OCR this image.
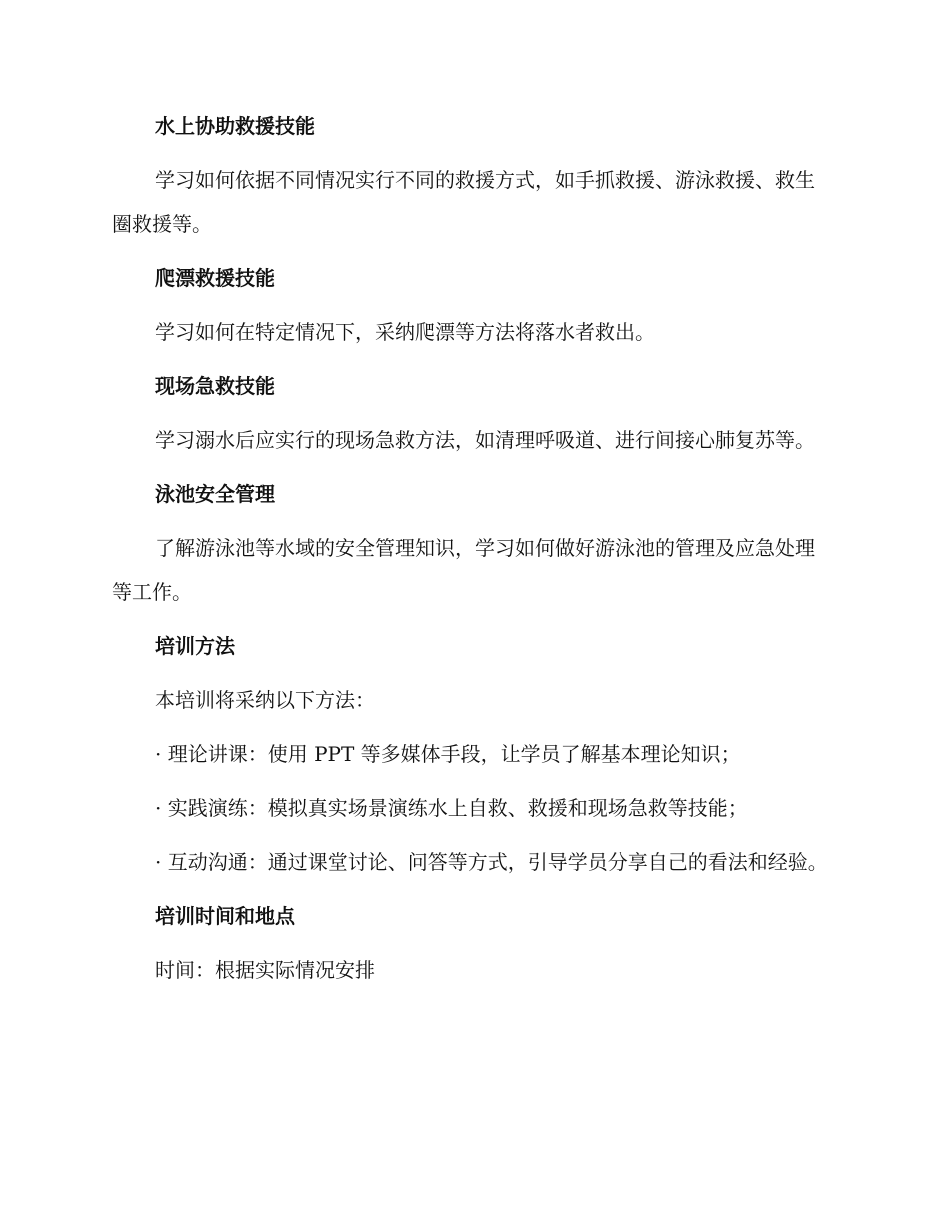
水上协助救援技能

学习如何依据不同情况实行不同的救援方式，如手抓救援、游泳救援、救生圈救援等。

爬漂救援技能

学习如何在特定情况下，采纳爬漂等方法将落水者救出。

现场急救技能

学习溺水后应实行的现场急救方法，如清理呼吸道、进行间接心肺复苏等。

泳池安全管理

了解游泳池等水域的安全管理知识，学习如何做好游泳池的管理及应急处理等工作。

培训方法

本培训将采纳以下方法：

· 理论讲课：使用 PPT 等多媒体手段，让学员了解基本理论知识；

· 实践演练：模拟真实场景演练水上自救、救援和现场急救等技能；

· 互动沟通：通过课堂讨论、问答等方式，引导学员分享自己的看法和经验。

培训时间和地点

时间：根据实际情况安排
